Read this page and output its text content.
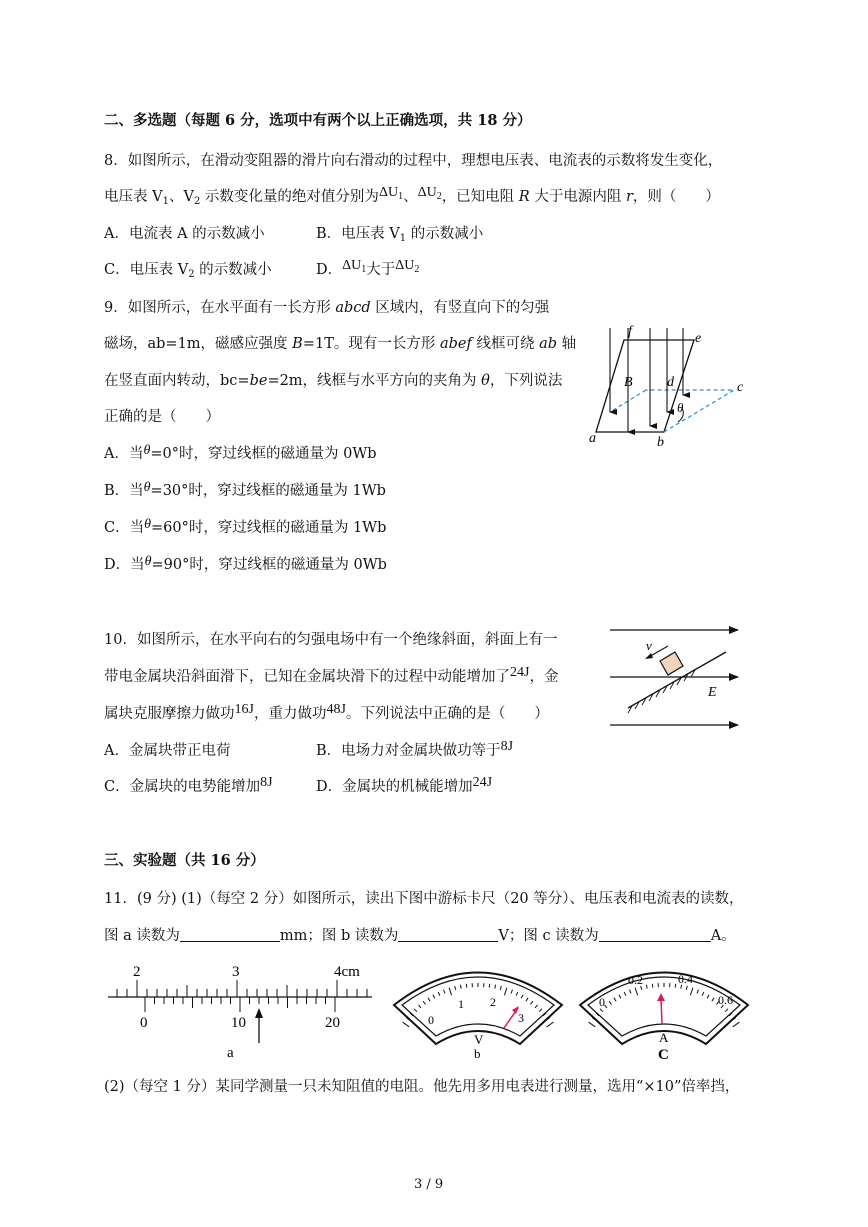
二、多选题（每题 6 分，选项中有两个以上正确选项，共 18 分）
8．如图所示，在滑动变阻器的滑片向右滑动的过程中，理想电压表、电流表的示数将发生变化，
电压表 $V_1$、$V_2$ 示数变化量的绝对值分别为$\Delta U_1$、$\Delta U_2$，已知电阻 R 大于电源内阻 r，则（　　）
A．电流表 A 的示数减小	B．电压表 $V_1$ 的示数减小
C．电压表 $V_2$ 的示数减小	D．$\Delta U_1$大于$\Delta U_2$
9．如图所示，在水平面有一长方形 abcd 区域内，有竖直向下的匀强
磁场，ab=1m，磁感应强度 B=1T。现有一长方形 abef 线框可绕 ab 轴
在竖直面内转动，bc=be=2m，线框与水平方向的夹角为 θ，下列说法
正确的是（　　）
A．当θ=0°时，穿过线框的磁通量为 0Wb
B．当θ=30°时，穿过线框的磁通量为 1Wb
C．当θ=60°时，穿过线框的磁通量为 1Wb
D．当θ=90°时，穿过线框的磁通量为 0Wb
f	e
B d	c
θ
a	b
10．如图所示，在水平向右的匀强电场中有一个绝缘斜面，斜面上有一
带电金属块沿斜面滑下，已知在金属块滑下的过程中动能增加了24J，金
属块克服摩擦力做功16J，重力做功48J。下列说法中正确的是（　　）
A．金属块带正电荷	B．电场力对金属块做功等于8J
C．金属块的电势能增加8J	D．金属块的机械能增加24J
v
E
三、实验题（共 16 分）
11．(9 分) (1)（每空 2 分）如图所示，读出下图中游标卡尺（20 等分）、电压表和电流表的读数，
图 a 读数为	mm；图 b 读数为	V；图 c 读数为	A。
2	3	4cm
0	10	20
a
0
1 2
3
V
b
0
0.2	0.4
0.6
A
C
(2)（每空 1 分）某同学测量一只未知阻值的电阻。他先用多用电表进行测量，选用“×10”倍率挡，
3 / 9
